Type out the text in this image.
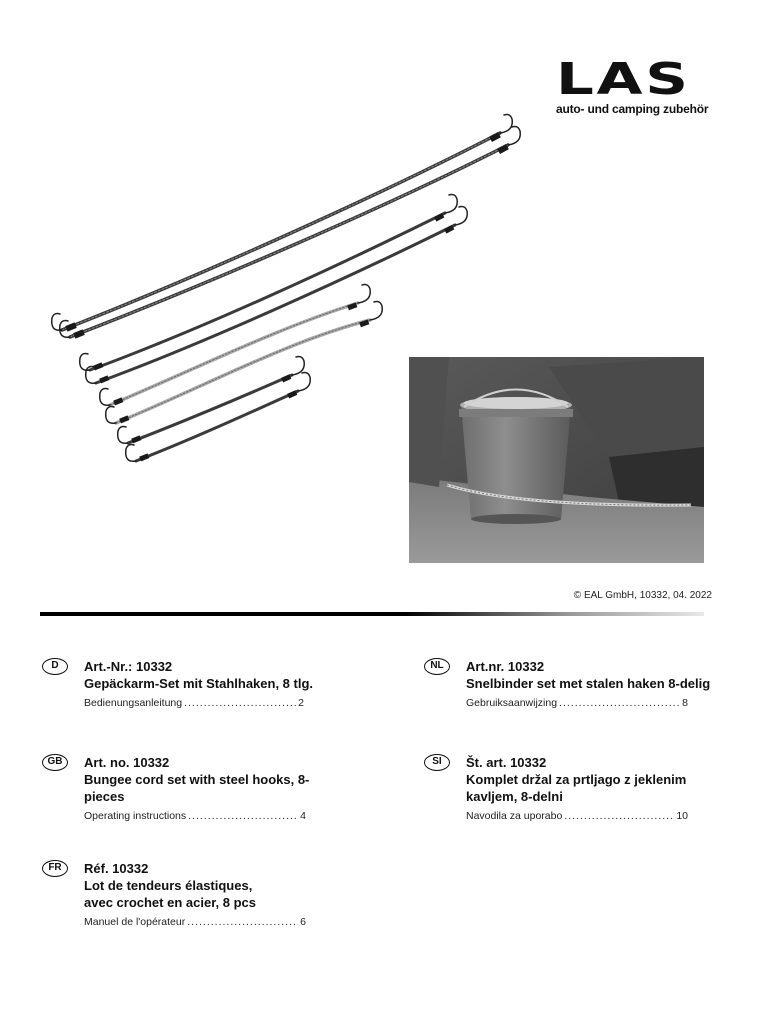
LAS
auto- und camping zubehör
© EAL GmbH, 10332, 04. 2022
D	Art.-Nr.: 10332
Gepäckarm-Set mit Stahlhaken, 8 tlg.
Bedienungsanleitung .....	2
GB	Art. no. 10332
Bungee cord set with steel hooks, 8-pieces
Operating instructions .....	4
FR	Réf. 10332
Lot de tendeurs élastiques, avec crochet en acier, 8 pcs
Manuel de l'opérateur .....	6
NL	Art.nr. 10332
Snelbinder set met stalen haken 8-delig
Gebruiksaanwijzing .....	8
SI	Št. art. 10332
Komplet držal za prtljago z jeklenim kavljem, 8-delni
Navodila za uporabo .....	10
